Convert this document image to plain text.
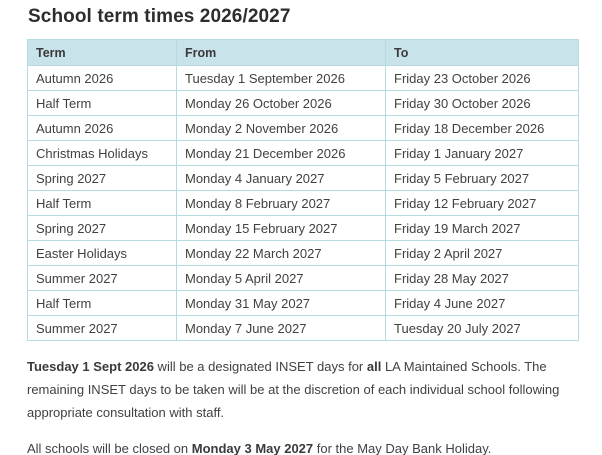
School term times 2026/2027
Term	From	To
Autumn 2026	Tuesday 1 September 2026	Friday 23 October 2026
Half Term	Monday 26 October 2026	Friday 30 October 2026
Autumn 2026	Monday 2 November 2026	Friday 18 December 2026
Christmas Holidays	Monday 21 December 2026	Friday 1 January 2027
Spring 2027	Monday 4 January 2027	Friday 5 February 2027
Half Term	Monday 8 February 2027	Friday 12 February 2027
Spring 2027	Monday 15 February 2027	Friday 19 March 2027
Easter Holidays	Monday 22 March 2027	Friday 2 April 2027
Summer 2027	Monday 5 April 2027	Friday 28 May 2027
Half Term	Monday 31 May 2027	Friday 4 June 2027
Summer 2027	Monday 7 June 2027	Tuesday 20 July 2027

Tuesday 1 Sept 2026 will be a designated INSET days for all LA Maintained Schools. The remaining INSET days to be taken will be at the discretion of each individual school following appropriate consultation with staff.

All schools will be closed on Monday 3 May 2027 for the May Day Bank Holiday.
